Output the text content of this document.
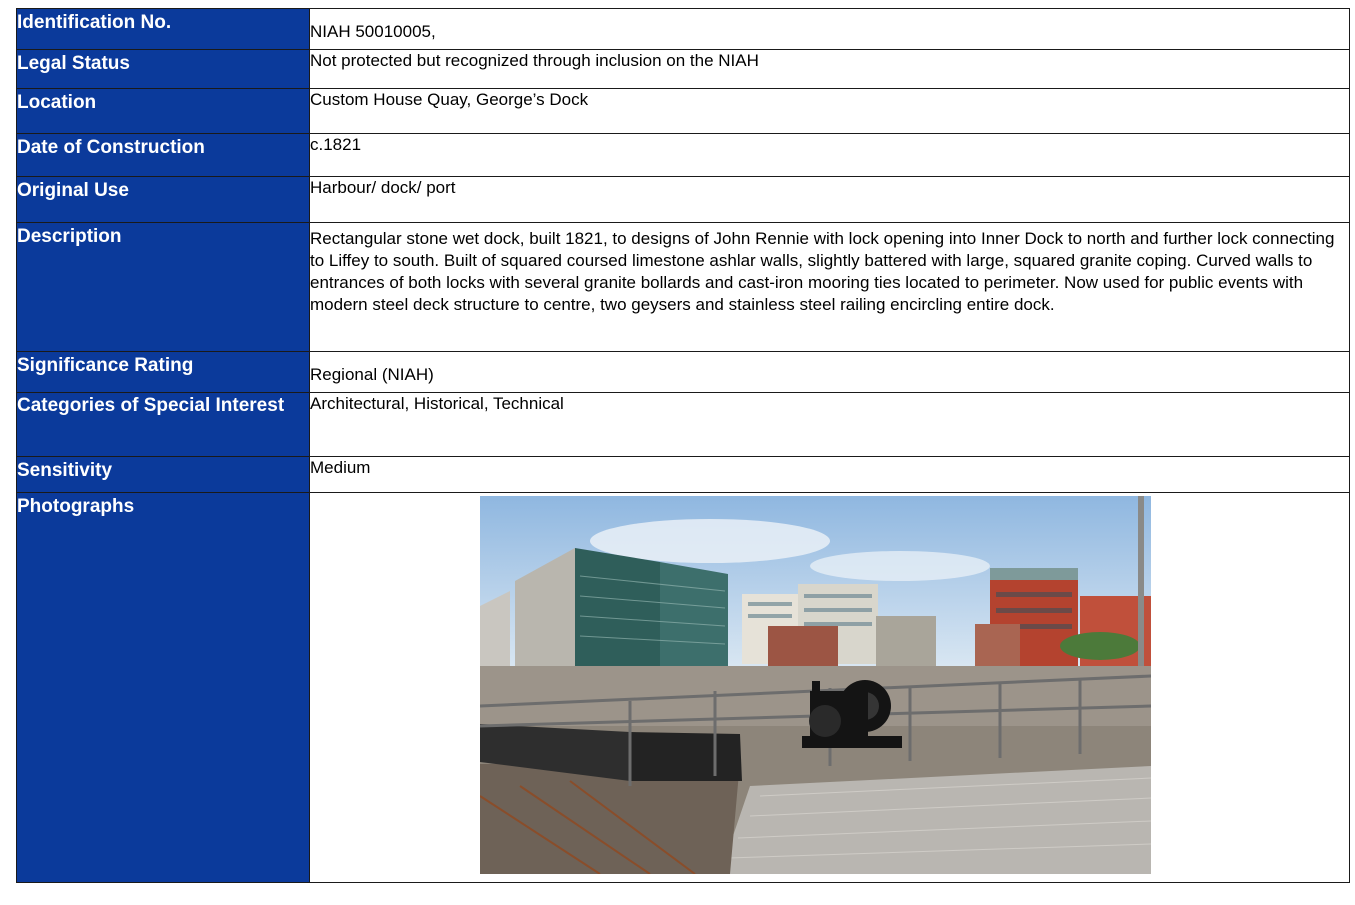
Identification No.	NIAH 50010005,
Legal Status	Not protected but recognized through inclusion on the NIAH
Location	Custom House Quay, George’s Dock
Date of Construction	c.1821
Original Use	Harbour/ dock/ port
Description	Rectangular stone wet dock, built 1821, to designs of John Rennie with lock opening into Inner Dock to north and further lock connecting to Liffey to south. Built of squared coursed limestone ashlar walls, slightly battered with large, squared granite coping. Curved walls to entrances of both locks with several granite bollards and cast-iron mooring ties located to perimeter. Now used for public events with modern steel deck structure to centre, two geysers and stainless steel railing encircling entire dock.
Significance Rating	Regional (NIAH)
Categories of Special Interest	Architectural, Historical, Technical
Sensitivity	Medium
Photographs	
